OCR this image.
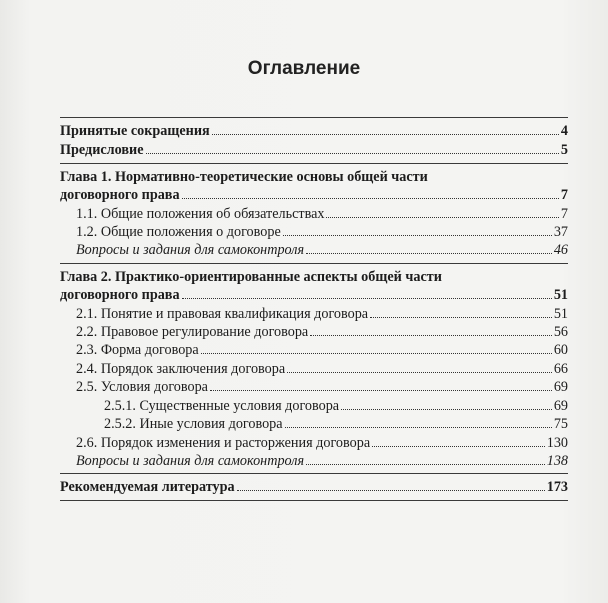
Оглавление
Принятые сокращения	4
Предисловие	5
Глава 1. Нормативно-теоретические основы общей части
договорного права	7
1.1. Общие положения об обязательствах	7
1.2. Общие положения о договоре	37
Вопросы и задания для самоконтроля	46
Глава 2. Практико-ориентированные аспекты общей части
договорного права	51
2.1. Понятие и правовая квалификация договора	51
2.2. Правовое регулирование договора	56
2.3. Форма договора	60
2.4. Порядок заключения договора	66
2.5. Условия договора	69
2.5.1. Существенные условия договора	69
2.5.2. Иные условия договора	75
2.6. Порядок изменения и расторжения договора	130
Вопросы и задания для самоконтроля	138
Рекомендуемая литература	173
